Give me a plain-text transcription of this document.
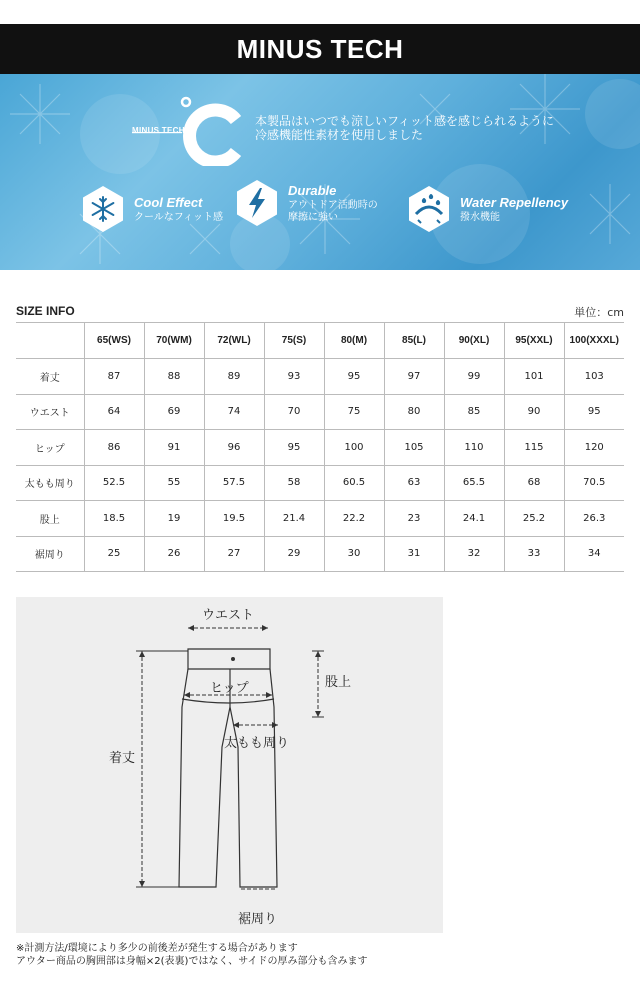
MINUS TECH
MINUS TECH
本製品はいつでも涼しいフィット感を感じられるように
冷感機能性素材を使用しました
Cool Effect
クールなフィット感
Durable
アウトドア活動時の
摩擦に強い
Water Repellency
撥水機能
SIZE INFO	単位：cm
	65(WS)	70(WM)	72(WL)	75(S)	80(M)	85(L)	90(XL)	95(XXL)	100(XXXL)
着丈	87	88	89	93	95	97	99	101	103
ウエスト	64	69	74	70	75	80	85	90	95
ヒップ	86	91	96	95	100	105	110	115	120
太もも周り	52.5	55	57.5	58	60.5	63	65.5	68	70.5
股上	18.5	19	19.5	21.4	22.2	23	24.1	25.2	26.3
裾周り	25	26	27	29	30	31	32	33	34
ウエスト
ヒップ	股上
太もも周り
着丈
裾周り
※計測方法/環境により多少の前後差が発生する場合があります
アウター商品の胸囲部は身幅×2(表裏)ではなく、サイドの厚み部分も含みます
